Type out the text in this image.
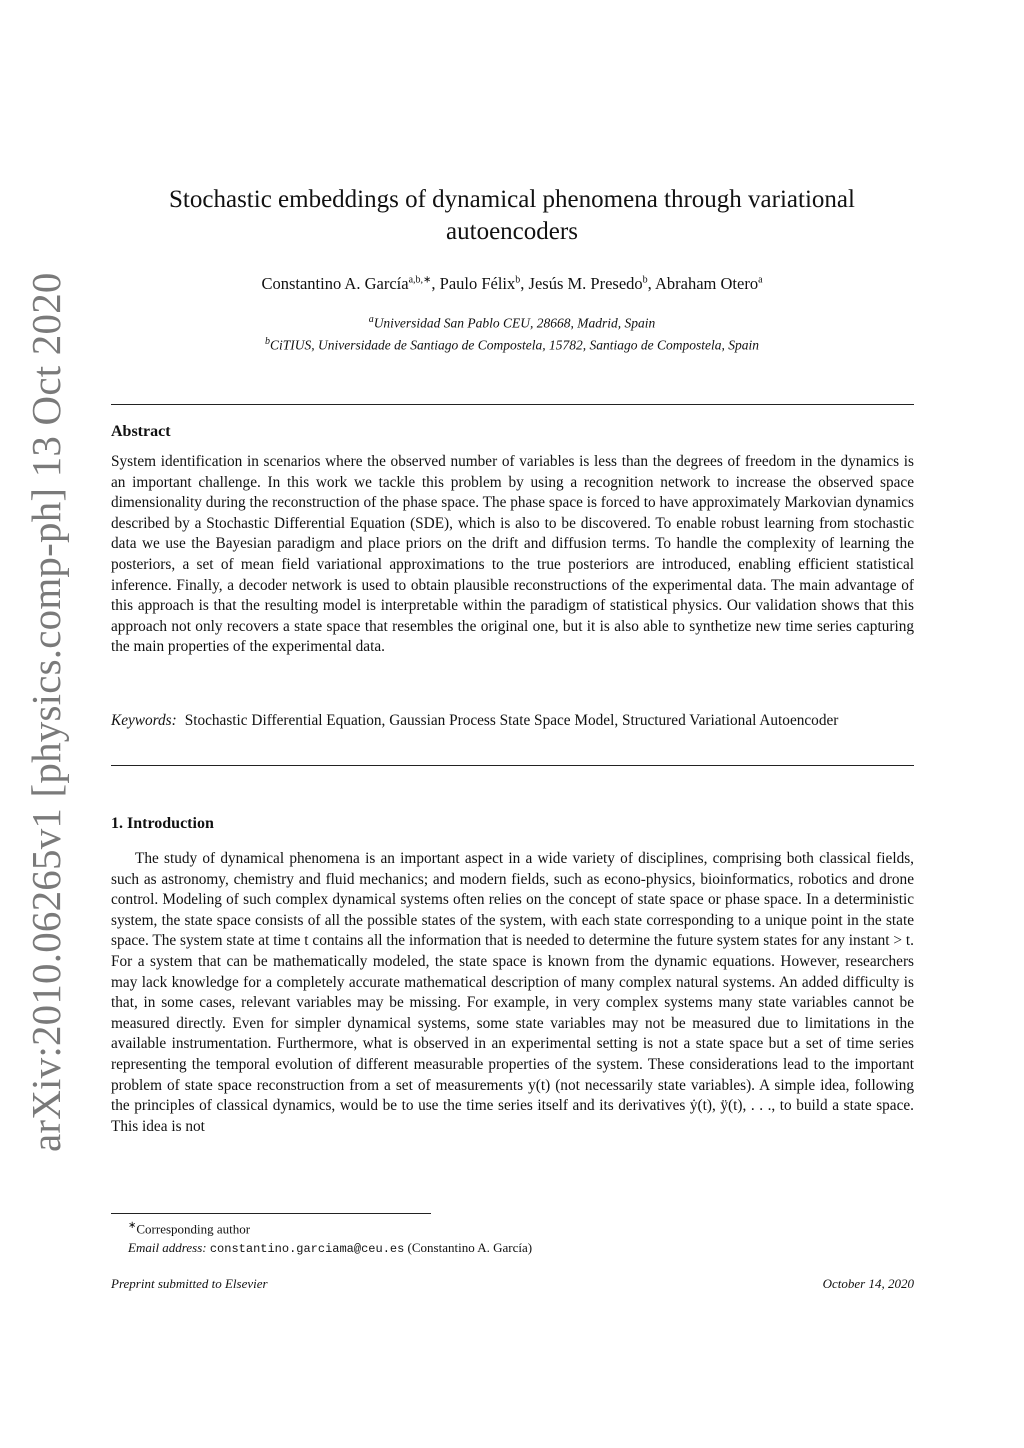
arXiv:2010.06265v1 [physics.comp-ph] 13 Oct 2020
Stochastic embeddings of dynamical phenomena through variational autoencoders
Constantino A. García$^{a,b,∗}$, Paulo Félix$^b$, Jesús M. Presedo$^b$, Abraham Otero$^a$
$^a$Universidad San Pablo CEU, 28668, Madrid, Spain
$^b$CiTIUS, Universidade de Santiago de Compostela, 15782, Santiago de Compostela, Spain
Abstract
System identification in scenarios where the observed number of variables is less than the degrees of freedom in the dynamics is an important challenge. In this work we tackle this problem by using a recognition network to increase the observed space dimensionality during the reconstruction of the phase space. The phase space is forced to have approximately Markovian dynamics described by a Stochastic Differential Equation (SDE), which is also to be discovered. To enable robust learning from stochastic data we use the Bayesian paradigm and place priors on the drift and diffusion terms. To handle the complexity of learning the posteriors, a set of mean field variational approximations to the true posteriors are introduced, enabling efficient statistical inference. Finally, a decoder network is used to obtain plausible reconstructions of the experimental data. The main advantage of this approach is that the resulting model is interpretable within the paradigm of statistical physics. Our validation shows that this approach not only recovers a state space that resembles the original one, but it is also able to synthetize new time series capturing the main properties of the experimental data.
Keywords: Stochastic Differential Equation, Gaussian Process State Space Model, Structured Variational Autoencoder
1. Introduction
The study of dynamical phenomena is an important aspect in a wide variety of disciplines, comprising both classical fields, such as astronomy, chemistry and fluid mechanics; and modern fields, such as econo-physics, bioinformatics, robotics and drone control. Modeling of such complex dynamical systems often relies on the concept of state space or phase space. In a deterministic system, the state space consists of all the possible states of the system, with each state corresponding to a unique point in the state space. The system state at time t contains all the information that is needed to determine the future system states for any instant > t. For a system that can be mathematically modeled, the state space is known from the dynamic equations. However, researchers may lack knowledge for a completely accurate mathematical description of many complex natural systems. An added difficulty is that, in some cases, relevant variables may be missing. For example, in very complex systems many state variables cannot be measured directly. Even for simpler dynamical systems, some state variables may not be measured due to limitations in the available instrumentation. Furthermore, what is observed in an experimental setting is not a state space but a set of time series representing the temporal evolution of different measurable properties of the system. These considerations lead to the important problem of state space reconstruction from a set of measurements y(t) (not necessarily state variables). A simple idea, following the principles of classical dynamics, would be to use the time series itself and its derivatives ẏ(t), ÿ(t), . . ., to build a state space. This idea is not
∗Corresponding author
Email address: constantino.garciama@ceu.es (Constantino A. García)
Preprint submitted to Elsevier	October 14, 2020
